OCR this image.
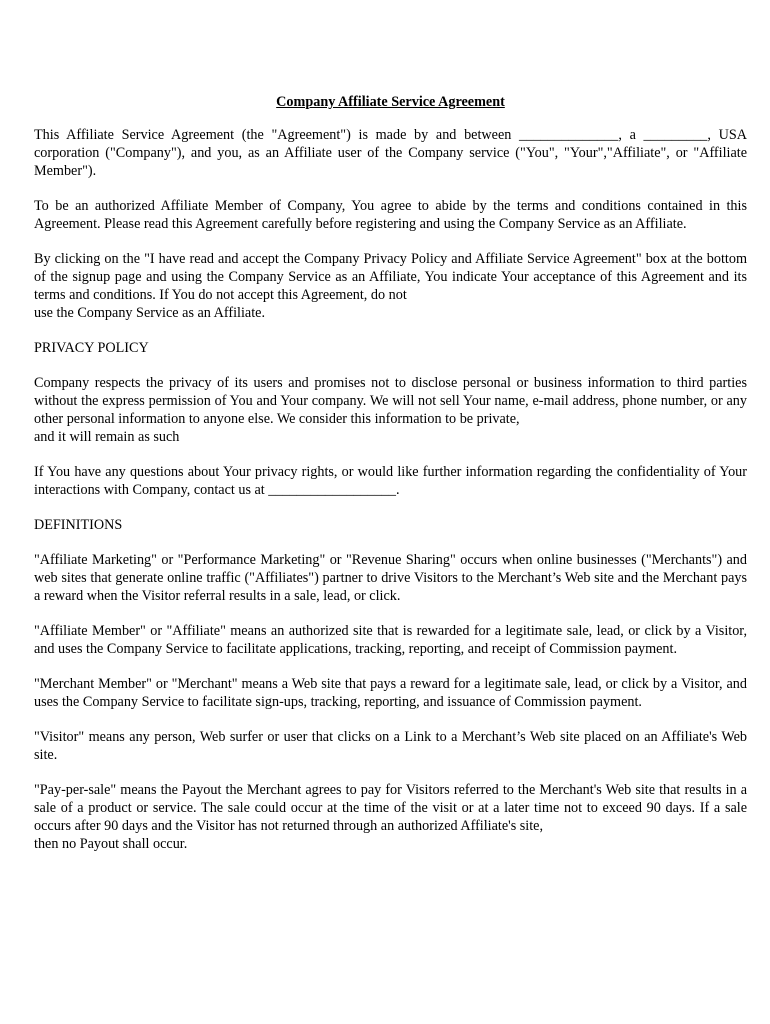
Company Affiliate Service Agreement

This Affiliate Service Agreement (the "Agreement") is made by and between ______________, a _________, USA corporation ("Company"), and you, as an Affiliate user of the Company service ("You", "Your","Affiliate", or "Affiliate Member").

To be an authorized Affiliate Member of Company, You agree to abide by the terms and conditions contained in this Agreement. Please read this Agreement carefully before registering and using the Company Service as an Affiliate.

By clicking on the "I have read and accept the Company Privacy Policy and Affiliate Service Agreement" box at the bottom of the signup page and using the Company Service as an Affiliate, You indicate Your acceptance of this Agreement and its terms and conditions. If You do not accept this Agreement, do not
use the Company Service as an Affiliate.

PRIVACY POLICY

Company respects the privacy of its users and promises not to disclose personal or business information to third parties without the express permission of You and Your company. We will not sell Your name, e-mail address, phone number, or any other personal information to anyone else. We consider this information to be private,
and it will remain as such

If You have any questions about Your privacy rights, or would like further information regarding the confidentiality of Your interactions with Company, contact us at __________________.

DEFINITIONS

"Affiliate Marketing" or "Performance Marketing" or "Revenue Sharing" occurs when online businesses ("Merchants") and web sites that generate online traffic ("Affiliates") partner to drive Visitors to the Merchant’s Web site and the Merchant pays a reward when the Visitor referral results in a sale, lead, or click.

"Affiliate Member" or "Affiliate" means an authorized site that is rewarded for a legitimate sale, lead, or click by a Visitor, and uses the Company Service to facilitate applications, tracking, reporting, and receipt of Commission payment.

"Merchant Member" or "Merchant" means a Web site that pays a reward for a legitimate sale, lead, or click by a Visitor, and uses the Company Service to facilitate sign-ups, tracking, reporting, and issuance of Commission payment.

"Visitor" means any person, Web surfer or user that clicks on a Link to a Merchant’s Web site placed on an Affiliate's Web site.

"Pay-per-sale" means the Payout the Merchant agrees to pay for Visitors referred to the Merchant's Web site that results in a sale of a product or service. The sale could occur at the time of the visit or at a later time not to exceed 90 days. If a sale occurs after 90 days and the Visitor has not returned through an authorized Affiliate's site,
then no Payout shall occur.
